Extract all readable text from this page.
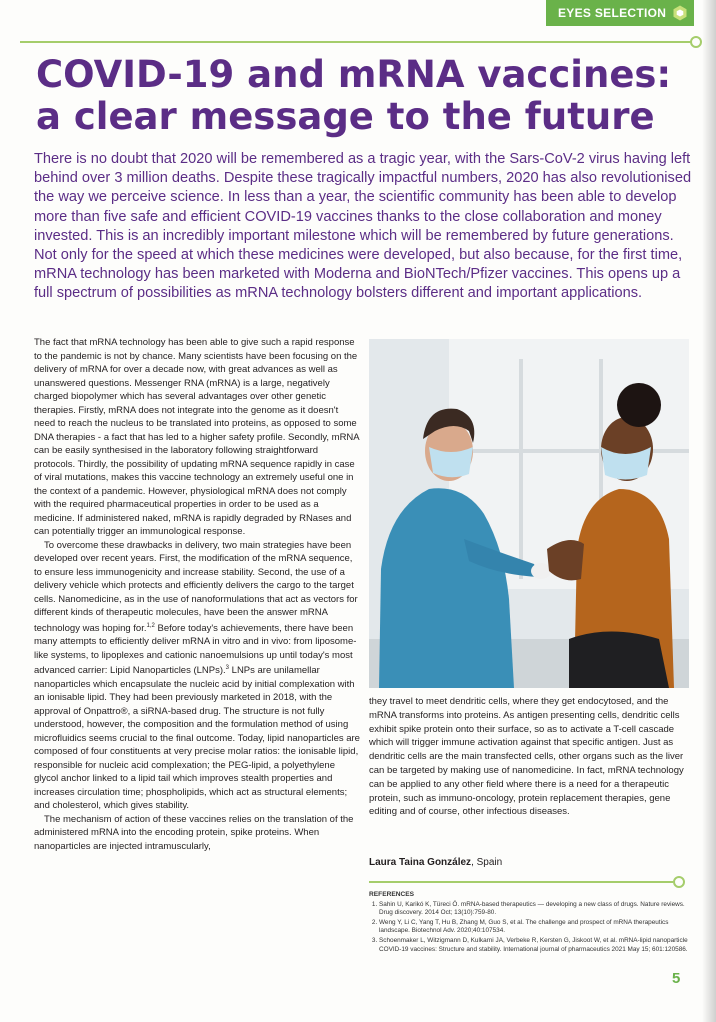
EYES SELECTION
COVID-19 and mRNA vaccines:
a clear message to the future

There is no doubt that 2020 will be remembered as a tragic year, with the Sars-CoV-2 virus having left behind over 3 million deaths. Despite these tragically impactful numbers, 2020 has also revolutionised the way we perceive science. In less than a year, the scientific community has been able to develop more than five safe and efficient COVID-19 vaccines thanks to the close collaboration and money invested. This is an incredibly important milestone which will be remembered by future generations. Not only for the speed at which these medicines were developed, but also because, for the first time, mRNA technology has been marketed with Moderna and BioNTech/Pfizer vaccines. This opens up a full spectrum of possibilities as mRNA technology bolsters different and important applications.

The fact that mRNA technology has been able to give such a rapid response to the pandemic is not by chance. Many scientists have been focusing on the delivery of mRNA for over a decade now, with great advances as well as unanswered questions. Messenger RNA (mRNA) is a large, negatively charged biopolymer which has several advantages over other genetic therapies. Firstly, mRNA does not integrate into the genome as it doesn't need to reach the nucleus to be translated into proteins, as opposed to some DNA therapies - a fact that has led to a higher safety profile. Secondly, mRNA can be easily synthesised in the laboratory following straightforward protocols. Thirdly, the possibility of updating mRNA sequence rapidly in case of viral mutations, makes this vaccine technology an extremely useful one in the context of a pandemic. However, physiological mRNA does not comply with the required pharmaceutical properties in order to be used as a medicine. If administered naked, mRNA is rapidly degraded by RNases and can potentially trigger an immunological response.

To overcome these drawbacks in delivery, two main strategies have been developed over recent years. First, the modification of the mRNA sequence, to ensure less immunogenicity and increase stability. Second, the use of a delivery vehicle which protects and efficiently delivers the cargo to the target cells. Nanomedicine, as in the use of nanoformulations that act as vectors for different kinds of therapeutic molecules, have been the answer mRNA technology was hoping for.$^{1,2}$ Before today's achievements, there have been many attempts to efficiently deliver mRNA in vitro and in vivo: from liposome-like systems, to lipoplexes and cationic nanoemulsions up until today's most advanced carrier: Lipid Nanoparticles (LNPs).$^3$ LNPs are unilamellar nanoparticles which encapsulate the nucleic acid by initial complexation with an ionisable lipid. They had been previously marketed in 2018, with the approval of Onpattro®, a siRNA-based drug. The structure is not fully understood, however, the composition and the formulation method of using microfluidics seems crucial to the final outcome. Today, lipid nanoparticles are composed of four constituents at very precise molar ratios: the ionisable lipid, responsible for nucleic acid complexation; the PEG-lipid, a polyethylene glycol anchor linked to a lipid tail which improves stealth properties and increases circulation time; phospholipids, which act as structural elements; and cholesterol, which gives stability.

The mechanism of action of these vaccines relies on the translation of the administered mRNA into the encoding protein, spike proteins. When nanoparticles are injected intramuscularly,

they travel to meet dendritic cells, where they get endocytosed, and the mRNA transforms into proteins. As antigen presenting cells, dendritic cells exhibit spike protein onto their surface, so as to activate a T-cell cascade which will trigger immune activation against that specific antigen. Just as dendritic cells are the main transfected cells, other organs such as the liver can be targeted by making use of nanomedicine. In fact, mRNA technology can be applied to any other field where there is a need for a therapeutic protein, such as immuno-oncology, protein replacement therapies, gene editing and of course, other infectious diseases.

Laura Taina González, Spain
REFERENCES
1. Sahin U, Karikó K, Türeci Ö. mRNA-based therapeutics — developing a new class of drugs. Nature reviews. Drug discovery. 2014 Oct; 13(10):759-80.
2. Weng Y, Li C, Yang T, Hu B, Zhang M, Guo S, et al. The challenge and prospect of mRNA therapeutics landscape. Biotechnol Adv. 2020;40:107534.
3. Schoenmaker L, Witzigmann D, Kulkarni JA, Verbeke R, Kersten G, Jiskoot W, et al. mRNA-lipid nanoparticle COVID-19 vaccines: Structure and stability. International journal of pharmaceutics 2021 May 15; 601:120586.
5
